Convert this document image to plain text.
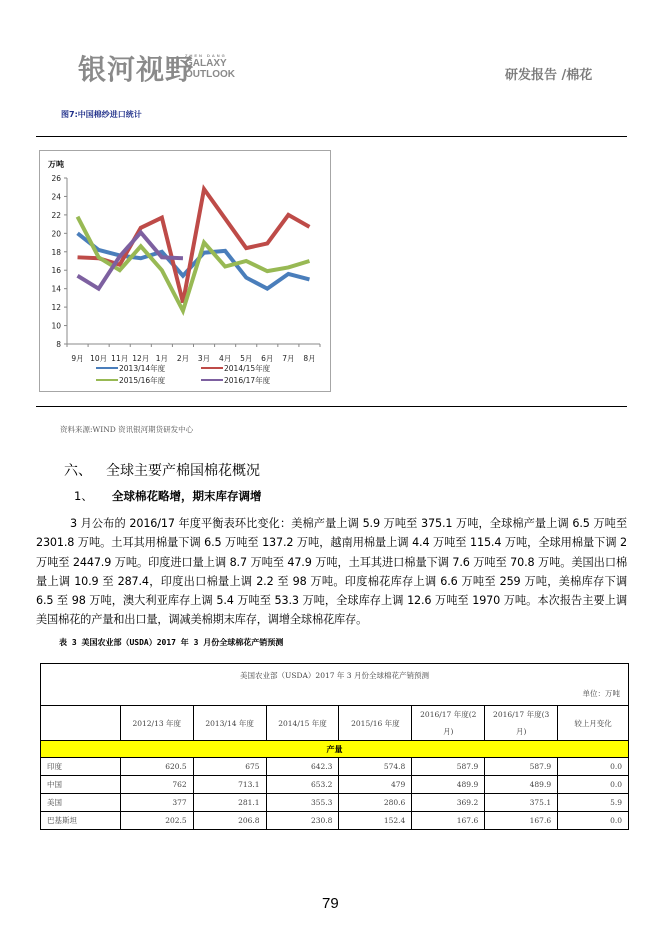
银河视野
ZHEN DANG
GALAXY
OUTLOOK	研发报告 /棉花
图7:中国棉纱进口统计
万吨
8
10
12
14
16
18
20
22
24
26
9月 10月 11月 12月 1月 2月 3月 4月 5月 6月 7月 8月
2013/14年度	2014/15年度
2015/16年度	2016/17年度
资料来源:WIND 资讯银河期货研发中心
六、 全球主要产棉国棉花概况
1、 全球棉花略增，期末库存调增
3 月公布的 2016/17 年度平衡表环比变化：美棉产量上调 5.9 万吨至 375.1 万吨，全球棉产量上调 6.5 万吨至 2301.8 万吨。土耳其用棉量下调 6.5 万吨至 137.2 万吨，越南用棉量上调 4.4 万吨至 115.4 万吨，全球用棉量下调 2 万吨至 2447.9 万吨。印度进口量上调 8.7 万吨至 47.9 万吨，土耳其进口棉量下调 7.6 万吨至 70.8 万吨。美国出口棉量上调 10.9 至 287.4，印度出口棉量上调 2.2 至 98 万吨。印度棉花库存上调 6.6 万吨至 259 万吨，美棉库存下调 6.5 至 98 万吨，澳大利亚库存上调 5.4 万吨至 53.3 万吨，全球库存上调 12.6 万吨至 1970 万吨。本次报告主要上调美国棉花的产量和出口量，调减美棉期末库存，调增全球棉花库存。
表 3 美国农业部（USDA）2017 年 3 月份全球棉花产销预测
美国农业部（USDA）2017 年 3 月份全球棉花产销预测
单位：万吨							

	2012/13 年度	2013/14 年度	2014/15 年度	2015/16 年度	2016/17 年度(2 月)	2016/17 年度(3 月)	较上月变化
产量							
印度	620.5	675	642.3	574.8	587.9	587.9	0.0
中国	762	713.1	653.2	479	489.9	489.9	0.0
美国	377	281.1	355.3	280.6	369.2	375.1	5.9
巴基斯坦	202.5	206.8	230.8	152.4	167.6	167.6	0.0
79
